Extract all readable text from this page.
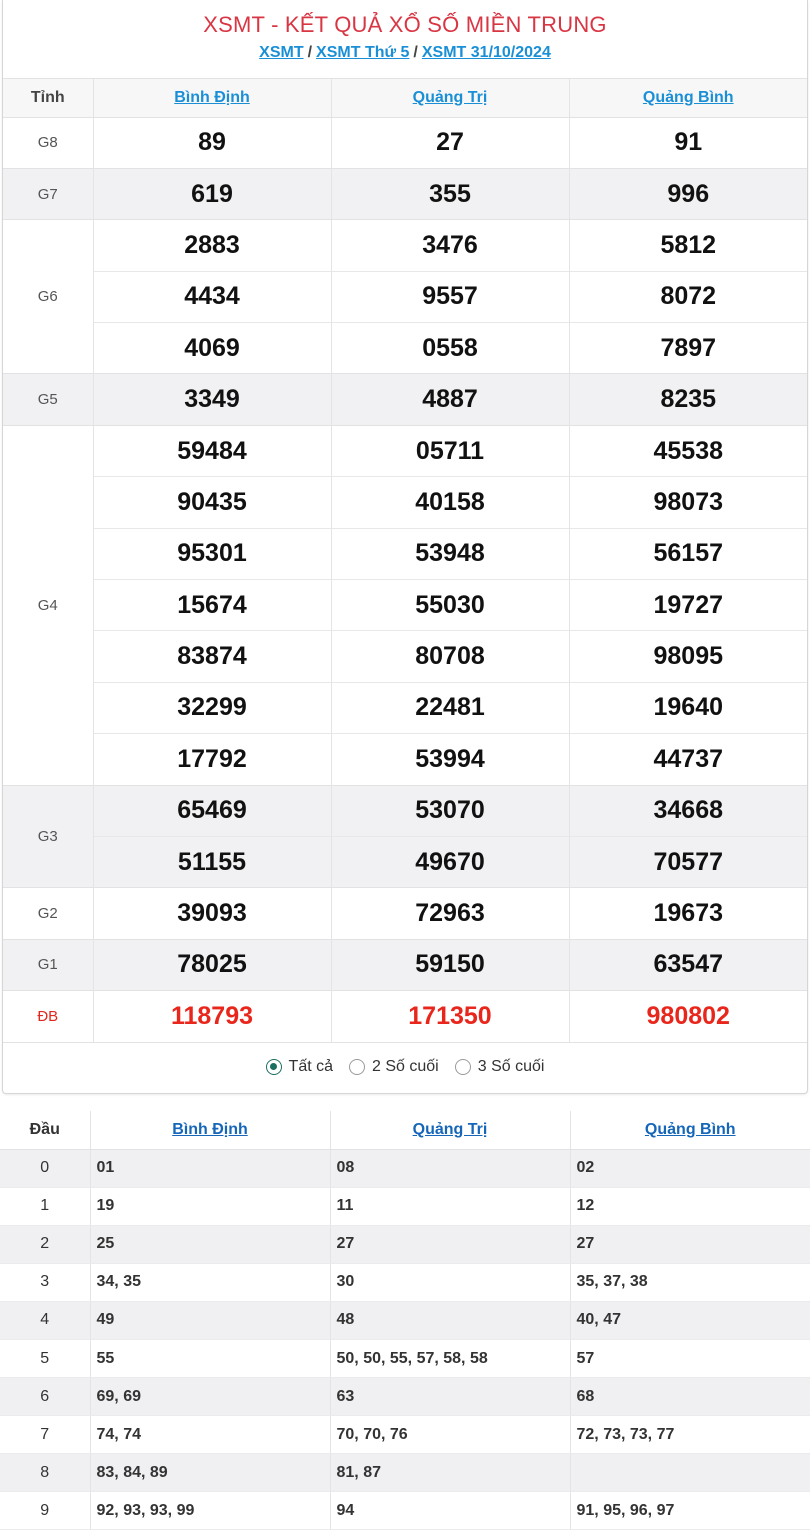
XSMT - KẾT QUẢ XỔ SỐ MIỀN TRUNG
XSMT / XSMT Thứ 5 / XSMT 31/10/2024
Tỉnh	Bình Định	Quảng Trị	Quảng Bình
G8	89	27	91
G7	619	355	996
G6	2883	3476	5812
	4434	9557	8072
	4069	0558	7897
G5	3349	4887	8235
G4	59484	05711	45538
	90435	40158	98073
	95301	53948	56157
	15674	55030	19727
	83874	80708	98095
	32299	22481	19640
	17792	53994	44737
G3	65469	53070	34668
	51155	49670	70577
G2	39093	72963	19673
G1	78025	59150	63547
ĐB	118793	171350	980802
Tất cả 2 Số cuối 3 Số cuối
Đầu	Bình Định	Quảng Trị	Quảng Bình
0	01	08	02
1	19	11	12
2	25	27	27
3	34, 35	30	35, 37, 38
4	49	48	40, 47
5	55	50, 50, 55, 57, 58, 58	57
6	69, 69	63	68
7	74, 74	70, 70, 76	72, 73, 73, 77
8	83, 84, 89	81, 87	
9	92, 93, 93, 99	94	91, 95, 96, 97
